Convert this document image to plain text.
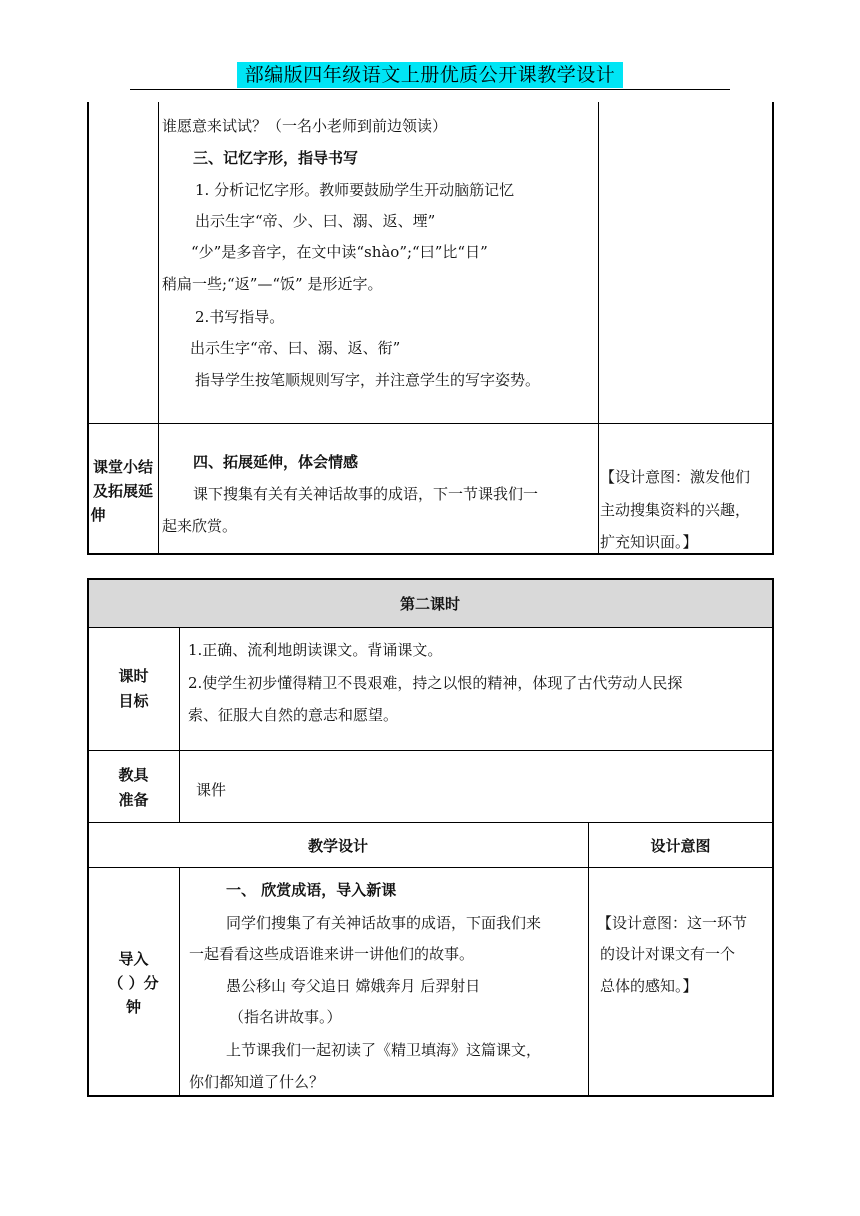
部编版四年级语文上册优质公开课教学设计
谁愿意来试试？（一名小老师到前边领读）
三、记忆字形，指导书写
1. 分析记忆字形。教师要鼓励学生开动脑筋记忆
出示生字“帝、少、曰、溺、返、堙”
“少”是多音字，在文中读“shào”;“曰”比“日”
稍扁一些;“返”—“饭” 是形近字。
2.书写指导。
出示生字“帝、曰、溺、返、衔”
指导学生按笔顺规则写字，并注意学生的写字姿势。
课堂小结
及拓展延
伸
四、拓展延伸，体会情感
课下搜集有关有关神话故事的成语，下一节课我们一
起来欣赏。
【设计意图：激发他们
主动搜集资料的兴趣，
扩充知识面。】
第二课时
课时
目标
1.正确、流利地朗读课文。背诵课文。
2.使学生初步懂得精卫不畏艰难，持之以恨的精神，体现了古代劳动人民探
索、征服大自然的意志和愿望。
教具
准备
课件
教学设计	设计意图
导入
（ ）分
钟
一、 欣赏成语，导入新课
同学们搜集了有关神话故事的成语，下面我们来
一起看看这些成语谁来讲一讲他们的故事。
愚公移山 夸父追日 嫦娥奔月 后羿射日
（指名讲故事。）
上节课我们一起初读了《精卫填海》这篇课文，
你们都知道了什么？
【设计意图：这一环节
的设计对课文有一个
总体的感知。】
